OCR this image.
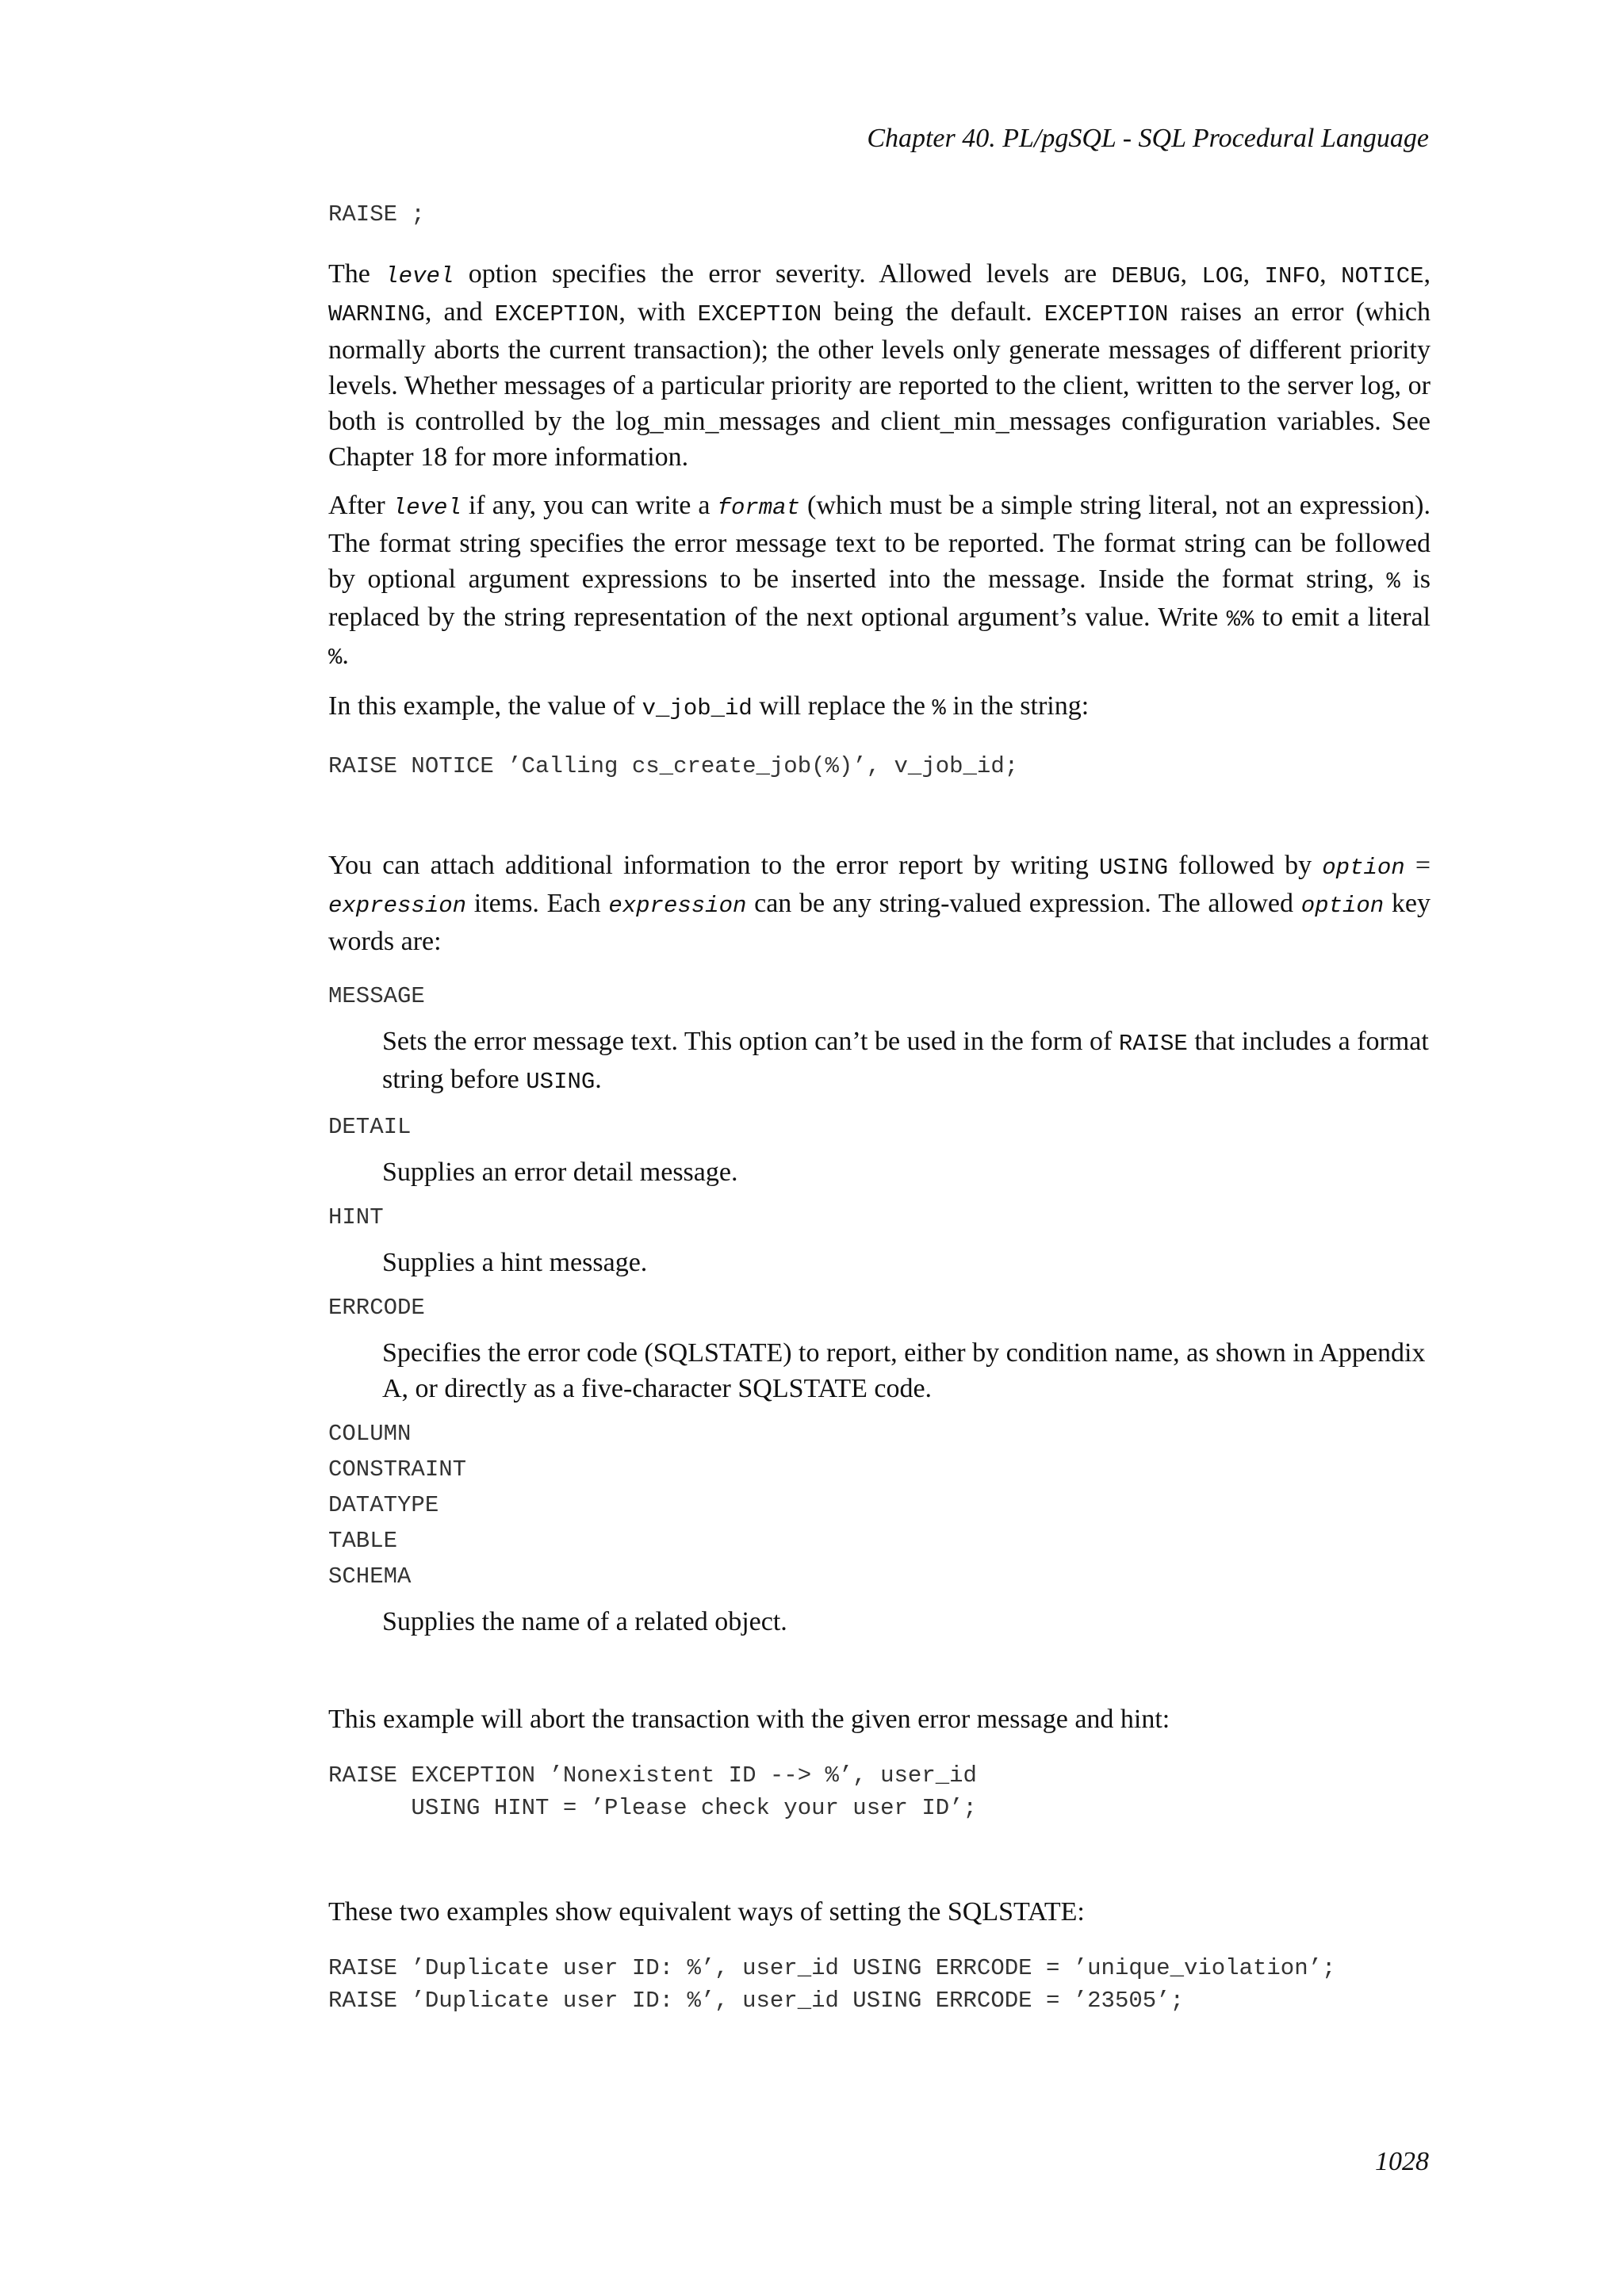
Chapter 40. PL/pgSQL - SQL Procedural Language
RAISE ;

The level option specifies the error severity. Allowed levels are DEBUG, LOG, INFO, NOTICE, WARNING, and EXCEPTION, with EXCEPTION being the default. EXCEPTION raises an error (which normally aborts the current transaction); the other levels only generate messages of different priority levels. Whether messages of a particular priority are reported to the client, written to the server log, or both is controlled by the log_min_messages and client_min_messages configuration variables. See Chapter 18 for more information.

After level if any, you can write a format (which must be a simple string literal, not an expression). The format string specifies the error message text to be reported. The format string can be followed by optional argument expressions to be inserted into the message. Inside the format string, % is replaced by the string representation of the next optional argument’s value. Write %% to emit a literal %.

In this example, the value of v_job_id will replace the % in the string:

RAISE NOTICE ’Calling cs_create_job(%)’, v_job_id;

You can attach additional information to the error report by writing USING followed by option = expression items. Each expression can be any string-valued expression. The allowed option key words are:

MESSAGE

Sets the error message text. This option can’t be used in the form of RAISE that includes a format string before USING.

DETAIL

Supplies an error detail message.

HINT

Supplies a hint message.

ERRCODE

Specifies the error code (SQLSTATE) to report, either by condition name, as shown in Appendix A, or directly as a five-character SQLSTATE code.

COLUMN
CONSTRAINT
DATATYPE
TABLE
SCHEMA

Supplies the name of a related object.

This example will abort the transaction with the given error message and hint:

RAISE EXCEPTION ’Nonexistent ID --> %’, user_id
USING HINT = ’Please check your user ID’;

These two examples show equivalent ways of setting the SQLSTATE:

RAISE ’Duplicate user ID: %’, user_id USING ERRCODE = ’unique_violation’;
RAISE ’Duplicate user ID: %’, user_id USING ERRCODE = ’23505’;
1028
